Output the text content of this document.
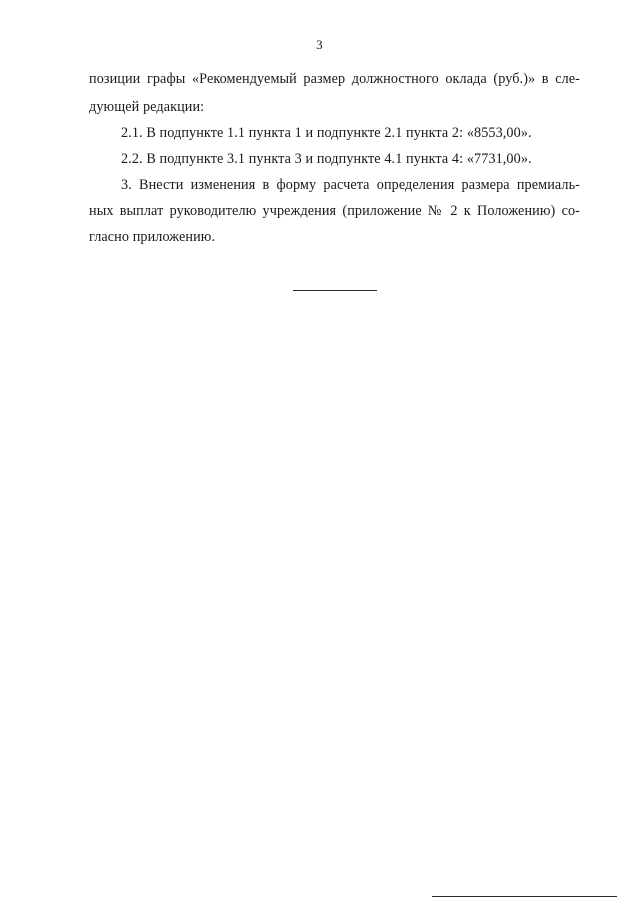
3
позиции графы «Рекомендуемый размер должностного оклада (руб.)» в сле-
дующей редакции:
2.1. В подпункте 1.1 пункта 1 и подпункте 2.1 пункта 2: «8553,00».
2.2. В подпункте 3.1 пункта 3 и подпункте 4.1 пункта 4: «7731,00».
3. Внести изменения в форму расчета определения размера премиаль-
ных выплат руководителю учреждения (приложение № 2 к Положению) со-
гласно приложению.
